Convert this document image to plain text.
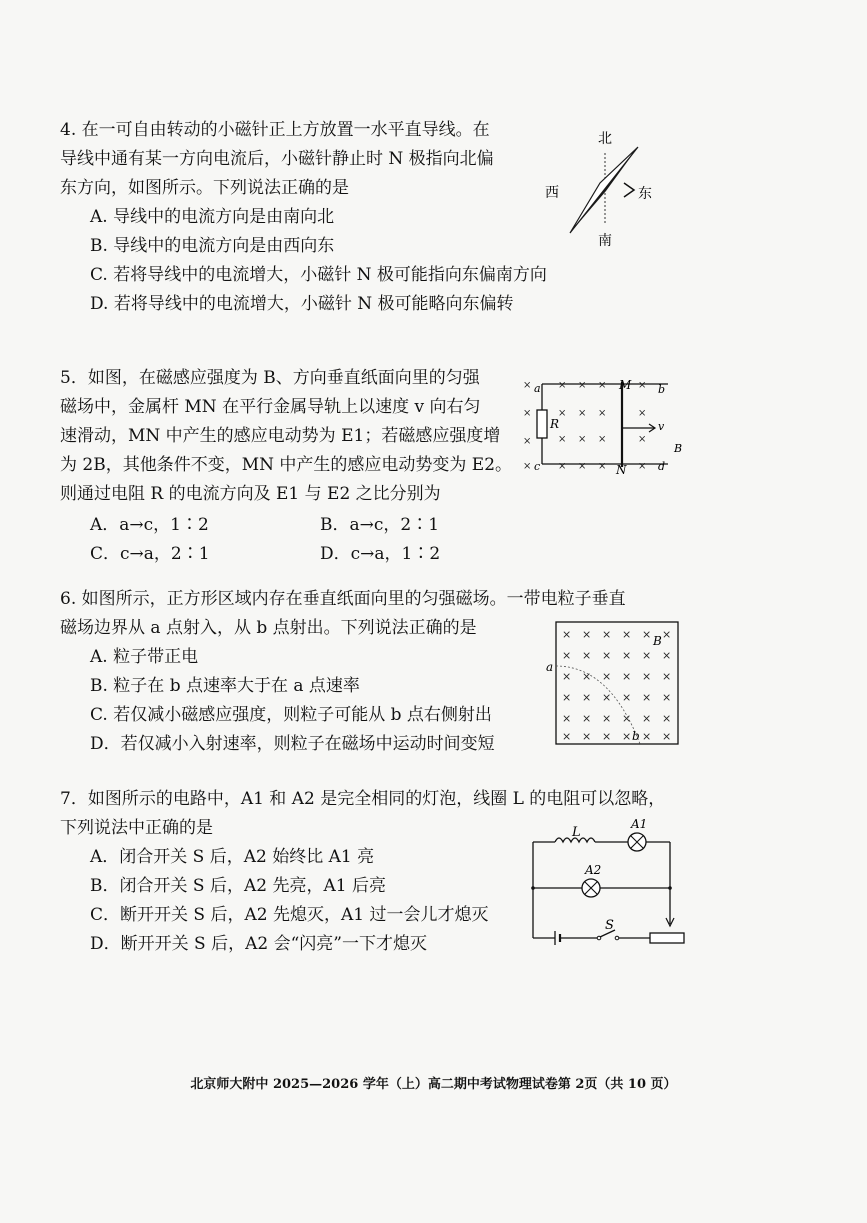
4. 在一可自由转动的小磁针正上方放置一水平直导线。在
导线中通有某一方向电流后，小磁针静止时 N 极指向北偏
东方向，如图所示。下列说法正确的是
A. 导线中的电流方向是由南向北
B. 导线中的电流方向是由西向东
C. 若将导线中的电流增大，小磁针 N 极可能指向东偏南方向
D. 若将导线中的电流增大，小磁针 N 极可能略向东偏转
北
西	东
南
5．如图，在磁感应强度为 B、方向垂直纸面向里的匀强
磁场中，金属杆 MN 在平行金属导轨上以速度 v 向右匀
速滑动，MN 中产生的感应电动势为 E1；若磁感应强度增
为 2B，其他条件不变，MN 中产生的感应电动势变为 E2。
则通过电阻 R 的电流方向及 E1 与 E2 之比分别为
A．a→c，1∶2	B．a→c，2∶1
C．c→a，2∶1	D．c→a，1∶2
×
×
×
×
× × ×	×
× × ×	×
× × ×	×
× × ×	×
a	b
c	d
M
N
R	v
B
6. 如图所示，正方形区域内存在垂直纸面向里的匀强磁场。一带电粒子垂直
磁场边界从 a 点射入，从 b 点射出。下列说法正确的是
A. 粒子带正电
B. 粒子在 b 点速率大于在 a 点速率
C. 若仅减小磁感应强度，则粒子可能从 b 点右侧射出
D．若仅减小入射速率，则粒子在磁场中运动时间变短
× × × × × ×
× × × × × ×
× × × × × ×
× × × × × ×
× × × × × ×
× × × × × ×
a
b
B
7．如图所示的电路中，A1 和 A2 是完全相同的灯泡，线圈 L 的电阻可以忽略，
下列说法中正确的是
A．闭合开关 S 后，A2 始终比 A1 亮
B．闭合开关 S 后，A2 先亮，A1 后亮
C．断开开关 S 后，A2 先熄灭，A1 过一会儿才熄灭
D．断开开关 S 后，A2 会“闪亮”一下才熄灭
L
A1
A2
S
北京师大附中 2025—2026 学年（上）高二期中考试物理试卷第 2页（共 10 页）
